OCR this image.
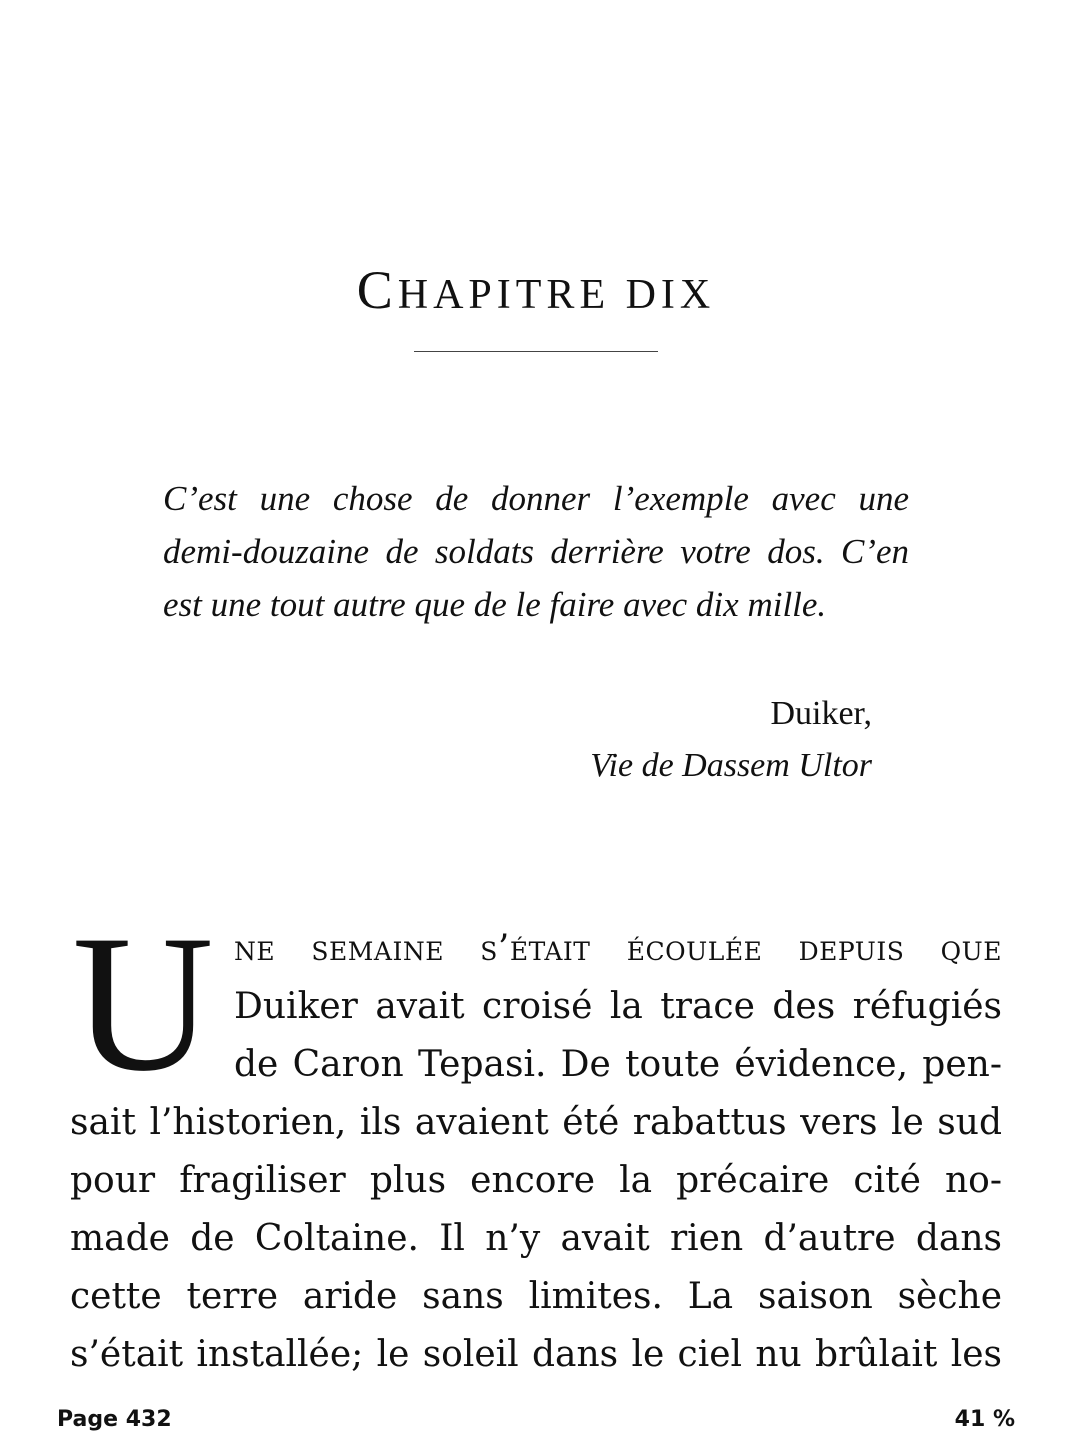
CHAPITRE DIX
C’est une chose de donner l’exemple avec une
demi-douzaine de soldats derrière votre dos. C’en
est une tout autre que de le faire avec dix mille.
Duiker,
Vie de Dassem Ultor
U ne semaine s’était écoulée depuis que
Duiker avait croisé la trace des réfugiés
de Caron Tepasi. De toute évidence, pen-
sait l’historien, ils avaient été rabattus vers le sud
pour fragiliser plus encore la précaire cité no-
made de Coltaine. Il n’y avait rien d’autre dans
cette terre aride sans limites. La saison sèche
s’était installée; le soleil dans le ciel nu brûlait les
Page 432	41 %
